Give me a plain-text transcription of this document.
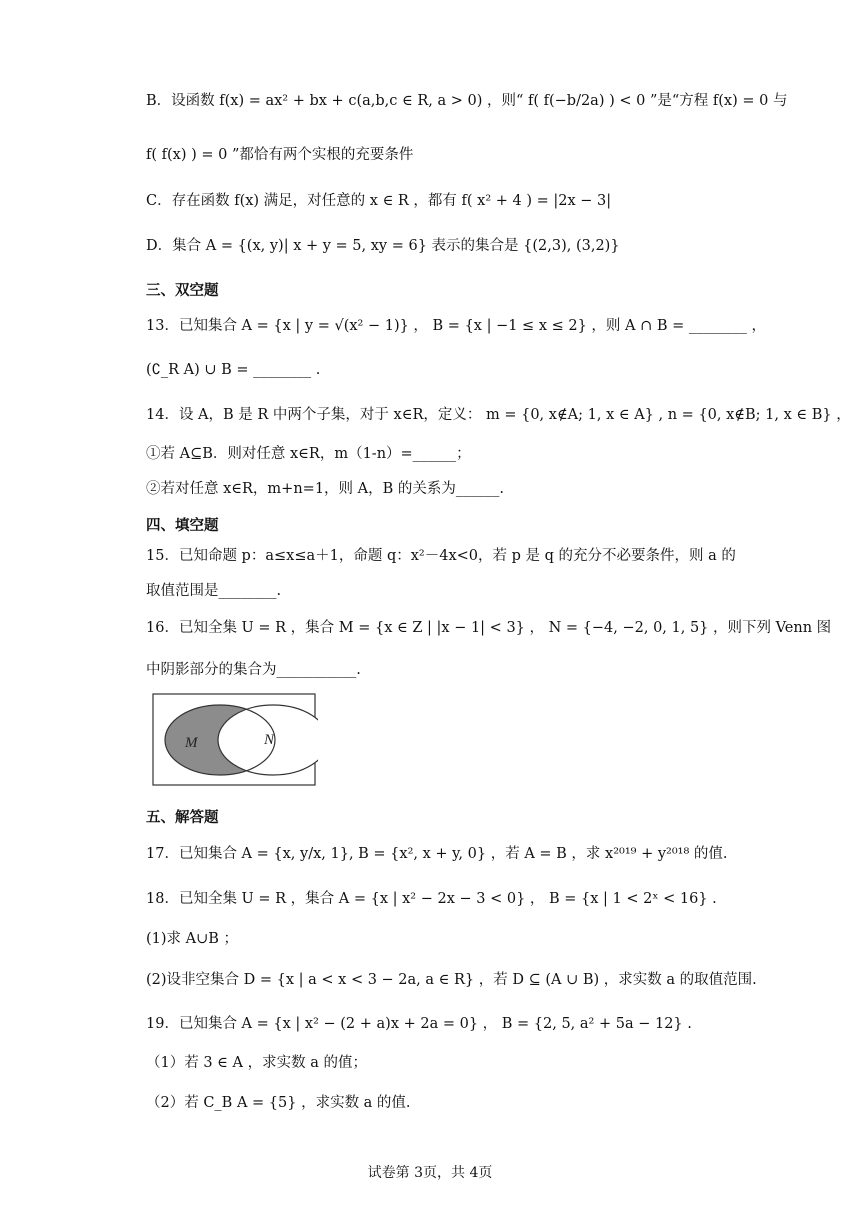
B．设函数 f(x) = ax² + bx + c(a,b,c ∈ R, a > 0) ，则“ f( f(−b/2a) ) < 0 ”是“方程 f(x) = 0 与
f( f(x) ) = 0 ”都恰有两个实根的充要条件
C．存在函数 f(x) 满足，对任意的 x ∈ R ，都有 f( x² + 4 ) = |2x − 3|
D．集合 A = {(x, y)| x + y = 5, xy = 6} 表示的集合是 {(2,3), (3,2)}
三、双空题
13．已知集合 A = {x | y = √(x² − 1)} ， B = {x | −1 ≤ x ≤ 2} ，则 A ∩ B = ________ ，
(∁_R A) ∪ B = ________ .
14．设 A，B 是 R 中两个子集，对于 x∈R，定义： m = {0, x∉A; 1, x ∈ A} , n = {0, x∉B; 1, x ∈ B} ，
①若 A⊆B．则对任意 x∈R，m（1-n）=______；
②若对任意 x∈R，m+n=1，则 A，B 的关系为______.
四、填空题
15．已知命题 p：a≤x≤a＋1，命题 q：x²－4x<0，若 p 是 q 的充分不必要条件，则 a 的
取值范围是________.
16．已知全集 U = R ，集合 M = {x ∈ Z | |x − 1| < 3} ， N = {−4, −2, 0, 1, 5} ，则下列 Venn 图
中阴影部分的集合为___________.
M	N
五、解答题
17．已知集合 A = {x, y/x, 1}, B = {x², x + y, 0} ，若 A = B ，求 x²⁰¹⁹ + y²⁰¹⁸ 的值.
18．已知全集 U = R ，集合 A = {x | x² − 2x − 3 < 0} ， B = {x | 1 < 2ˣ < 16} .
(1)求 A∪B ；
(2)设非空集合 D = {x | a < x < 3 − 2a, a ∈ R} ，若 D ⊆ (A ∪ B) ，求实数 a 的取值范围.
19．已知集合 A = {x | x² − (2 + a)x + 2a = 0} ， B = {2, 5, a² + 5a − 12} .
（1）若 3 ∈ A ，求实数 a 的值；
（2）若 C_B A = {5} ，求实数 a 的值.
试卷第 3页，共 4页
